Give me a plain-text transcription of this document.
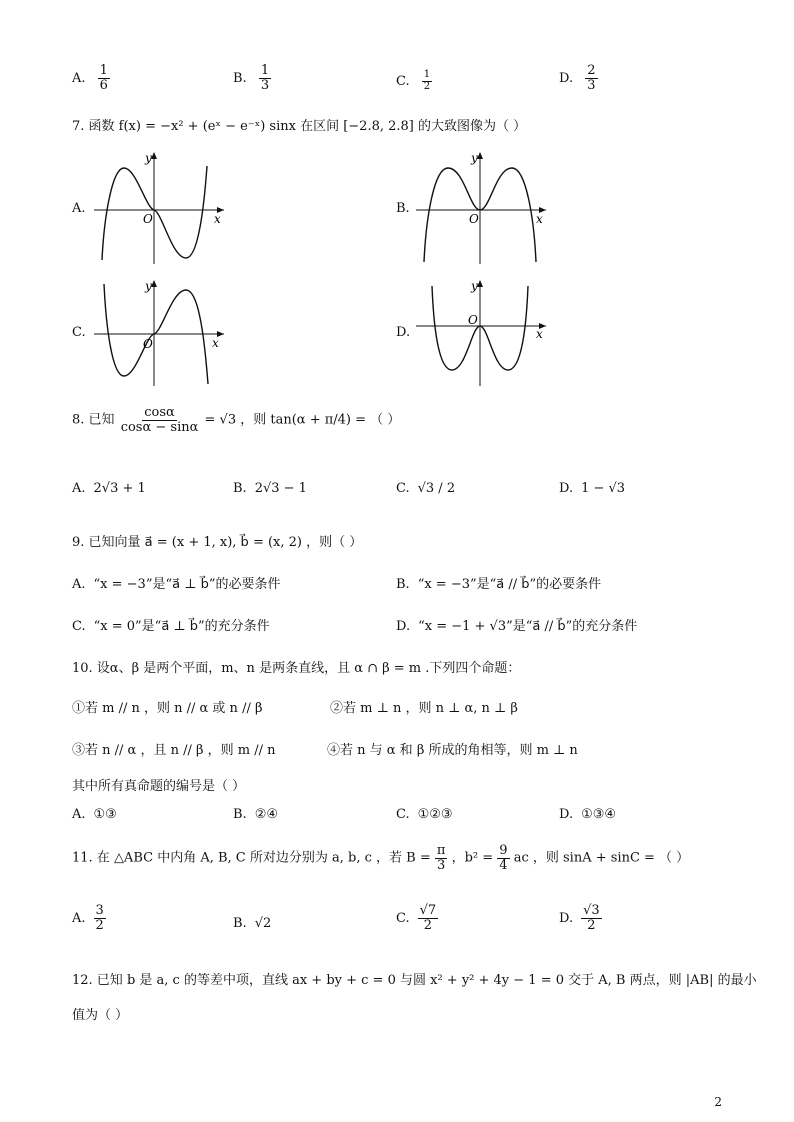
A. $\frac{1}{6}$	B. $\frac{1}{3}$	C. $\frac{1}{2}$	D. $\frac{2}{3}$
7. 函数 f(x) = −x² + (eˣ − e⁻ˣ) sinx 在区间 [−2.8, 2.8] 的大致图像为（ ）
A.
y
x
O
B.
y
x
O
C.
y
x
O
D.
y
x
O
8. 已知 $\frac{\cos\alpha}{\cos\alpha - \sin\alpha} = √3$ ，则 tan(α + π/4) = （ ）
A. 2√3 + 1	B. 2√3 − 1	C. √3 / 2	D. 1 − √3
9. 已知向量 a⃗ = (x + 1, x), b⃗ = (x, 2) ，则（ ）
A. “x = −3”是“a⃗ ⊥ b⃗”的必要条件	B. “x = −3”是“a⃗ // b⃗”的必要条件
C. “x = 0”是“a⃗ ⊥ b⃗”的充分条件	D. “x = −1 + √3”是“a⃗ // b⃗”的充分条件
10. 设α、β 是两个平面，m、n 是两条直线，且 α ∩ β = m .下列四个命题：
①若 m // n ，则 n // α 或 n // β	②若 m ⊥ n ，则 n ⊥ α, n ⊥ β
③若 n // α ，且 n // β ，则 m // n	④若 n 与 α 和 β 所成的角相等，则 m ⊥ n
其中所有真命题的编号是（ ）
A. ①③	B. ②④	C. ①②③	D. ①③④
11. 在 △ABC 中内角 A, B, C 所对边分别为 a, b, c ，若 $B = \frac{\pi}{3}$ ，$b^2 = \frac{9}{4}$ ac ，则 sinA + sinC = （ ）
A. $\frac{3}{2}$	B. √2	C. $\frac{√7}{2}$	D. $\frac{√3}{2}$
12. 已知 b 是 a, c 的等差中项，直线 ax + by + c = 0 与圆 x² + y² + 4y − 1 = 0 交于 A, B 两点，则 |AB| 的最小
值为（ ）
2
